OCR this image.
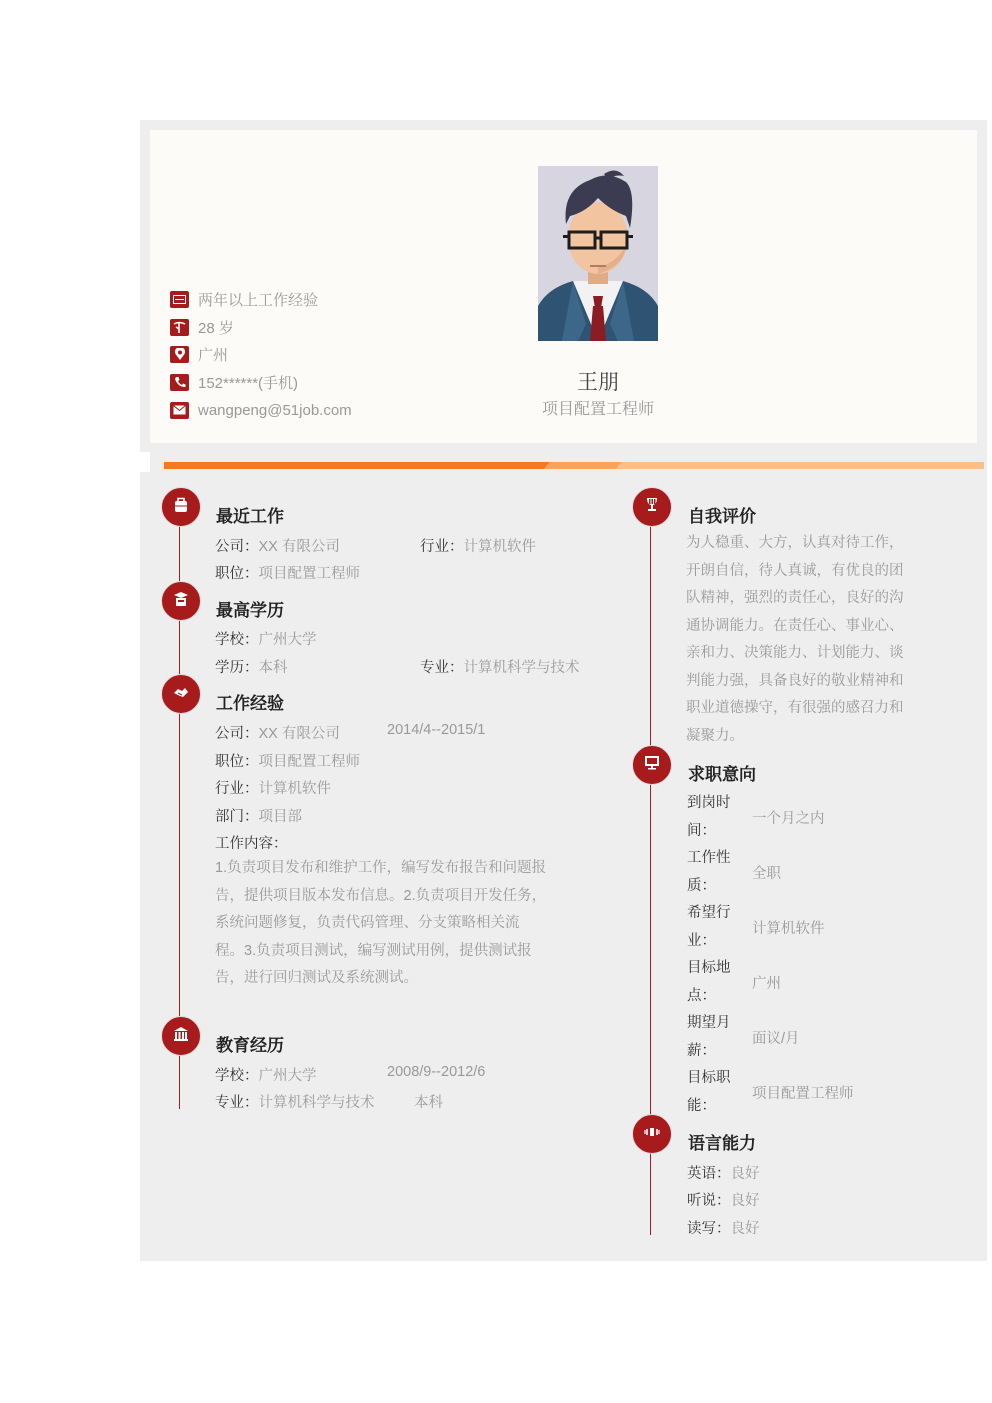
王朋
项目配置工程师
两年以上工作经验
28 岁
广州
152******(手机)
wangpeng@51job.com
最近工作
公司：XX 有限公司	行业：计算机软件
职位：项目配置工程师
最高学历
学校：广州大学
学历：本科	专业：计算机科学与技术
工作经验
公司：XX 有限公司	2014/4--2015/1
职位：项目配置工程师
行业：计算机软件
部门：项目部
工作内容：
1.负责项目发布和维护工作，编写发布报告和问题报
告，提供项目版本发布信息。2.负责项目开发任务，
系统问题修复，负责代码管理、分支策略相关流
程。3.负责项目测试，编写测试用例，提供测试报
告，进行回归测试及系统测试。
教育经历
学校：广州大学	2008/9--2012/6
专业：计算机科学与技术	本科
自我评价
为人稳重、大方，认真对待工作，
开朗自信，待人真诚，有优良的团
队精神，强烈的责任心，良好的沟
通协调能力。在责任心、事业心、
亲和力、决策能力、计划能力、谈
判能力强，具备良好的敬业精神和
职业道德操守，有很强的感召力和
凝聚力。
求职意向
到岗时
间：
一个月之内
工作性
质：
全职
希望行
业：
计算机软件
目标地
点：
广州
期望月
薪：
面议/月
目标职
能：
项目配置工程师
语言能力
英语：良好
听说：良好
读写：良好
